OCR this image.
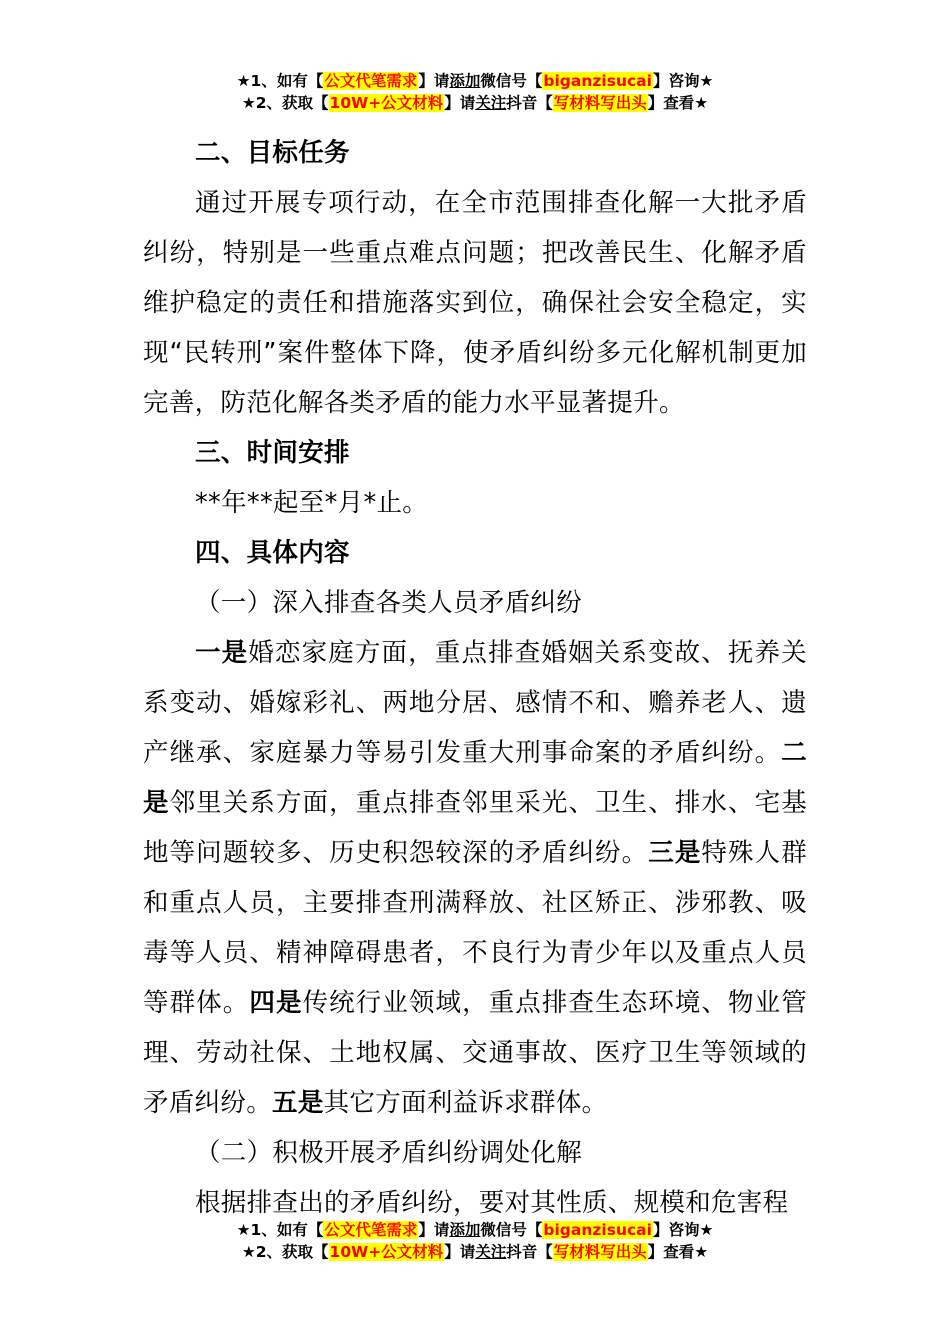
★1、如有【公文代笔需求】请添加微信号【biganzisucai】咨询★
★2、获取【10W+公文材料】请关注抖音【写材料写出头】查看★

二、目标任务

通过开展专项行动，在全市范围排查化解一大批矛盾纠纷，特别是一些重点难点问题；把改善民生、化解矛盾维护稳定的责任和措施落实到位，确保社会安全稳定，实现“民转刑”案件整体下降，使矛盾纠纷多元化解机制更加完善，防范化解各类矛盾的能力水平显著提升。

三、时间安排

**年**起至*月*止。

四、具体内容

（一）深入排查各类人员矛盾纠纷

一是婚恋家庭方面，重点排查婚姻关系变故、抚养关系变动、婚嫁彩礼、两地分居、感情不和、赡养老人、遗产继承、家庭暴力等易引发重大刑事命案的矛盾纠纷。二是邻里关系方面，重点排查邻里采光、卫生、排水、宅基地等问题较多、历史积怨较深的矛盾纠纷。三是特殊人群和重点人员，主要排查刑满释放、社区矫正、涉邪教、吸毒等人员、精神障碍患者，不良行为青少年以及重点人员等群体。四是传统行业领域，重点排查生态环境、物业管理、劳动社保、土地权属、交通事故、医疗卫生等领域的矛盾纠纷。五是其它方面利益诉求群体。

（二）积极开展矛盾纠纷调处化解

根据排查出的矛盾纠纷，要对其性质、规模和危害程

★1、如有【公文代笔需求】请添加微信号【biganzisucai】咨询★
★2、获取【10W+公文材料】请关注抖音【写材料写出头】查看★
